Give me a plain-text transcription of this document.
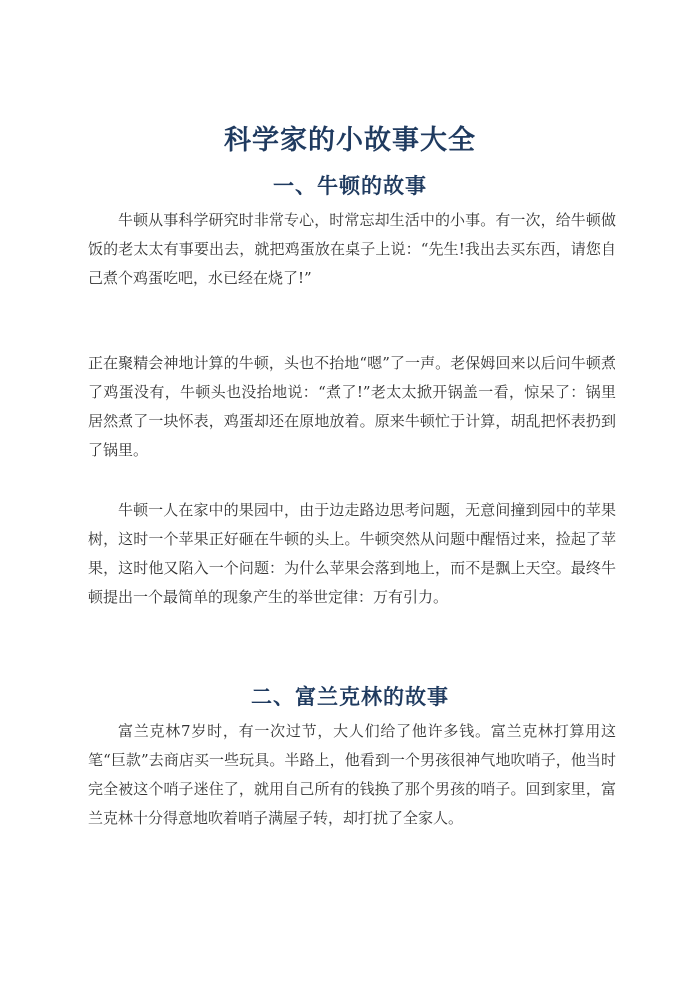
科学家的小故事大全
一、牛顿的故事

牛顿从事科学研究时非常专心，时常忘却生活中的小事。有一次，给牛顿做饭的老太太有事要出去，就把鸡蛋放在桌子上说：“先生!我出去买东西，请您自己煮个鸡蛋吃吧，水已经在烧了!”

正在聚精会神地计算的牛顿，头也不抬地“嗯”了一声。老保姆回来以后问牛顿煮了鸡蛋没有，牛顿头也没抬地说：“煮了!”老太太掀开锅盖一看，惊呆了：锅里居然煮了一块怀表，鸡蛋却还在原地放着。原来牛顿忙于计算，胡乱把怀表扔到了锅里。

牛顿一人在家中的果园中，由于边走路边思考问题，无意间撞到园中的苹果树，这时一个苹果正好砸在牛顿的头上。牛顿突然从问题中醒悟过来，捡起了苹果，这时他又陷入一个问题：为什么苹果会落到地上，而不是飘上天空。最终牛顿提出一个最简单的现象产生的举世定律：万有引力。

二、富兰克林的故事

富兰克林7岁时，有一次过节，大人们给了他许多钱。富兰克林打算用这笔“巨款”去商店买一些玩具。半路上，他看到一个男孩很神气地吹哨子，他当时完全被这个哨子迷住了，就用自己所有的钱换了那个男孩的哨子。回到家里，富兰克林十分得意地吹着哨子满屋子转，却打扰了全家人。
